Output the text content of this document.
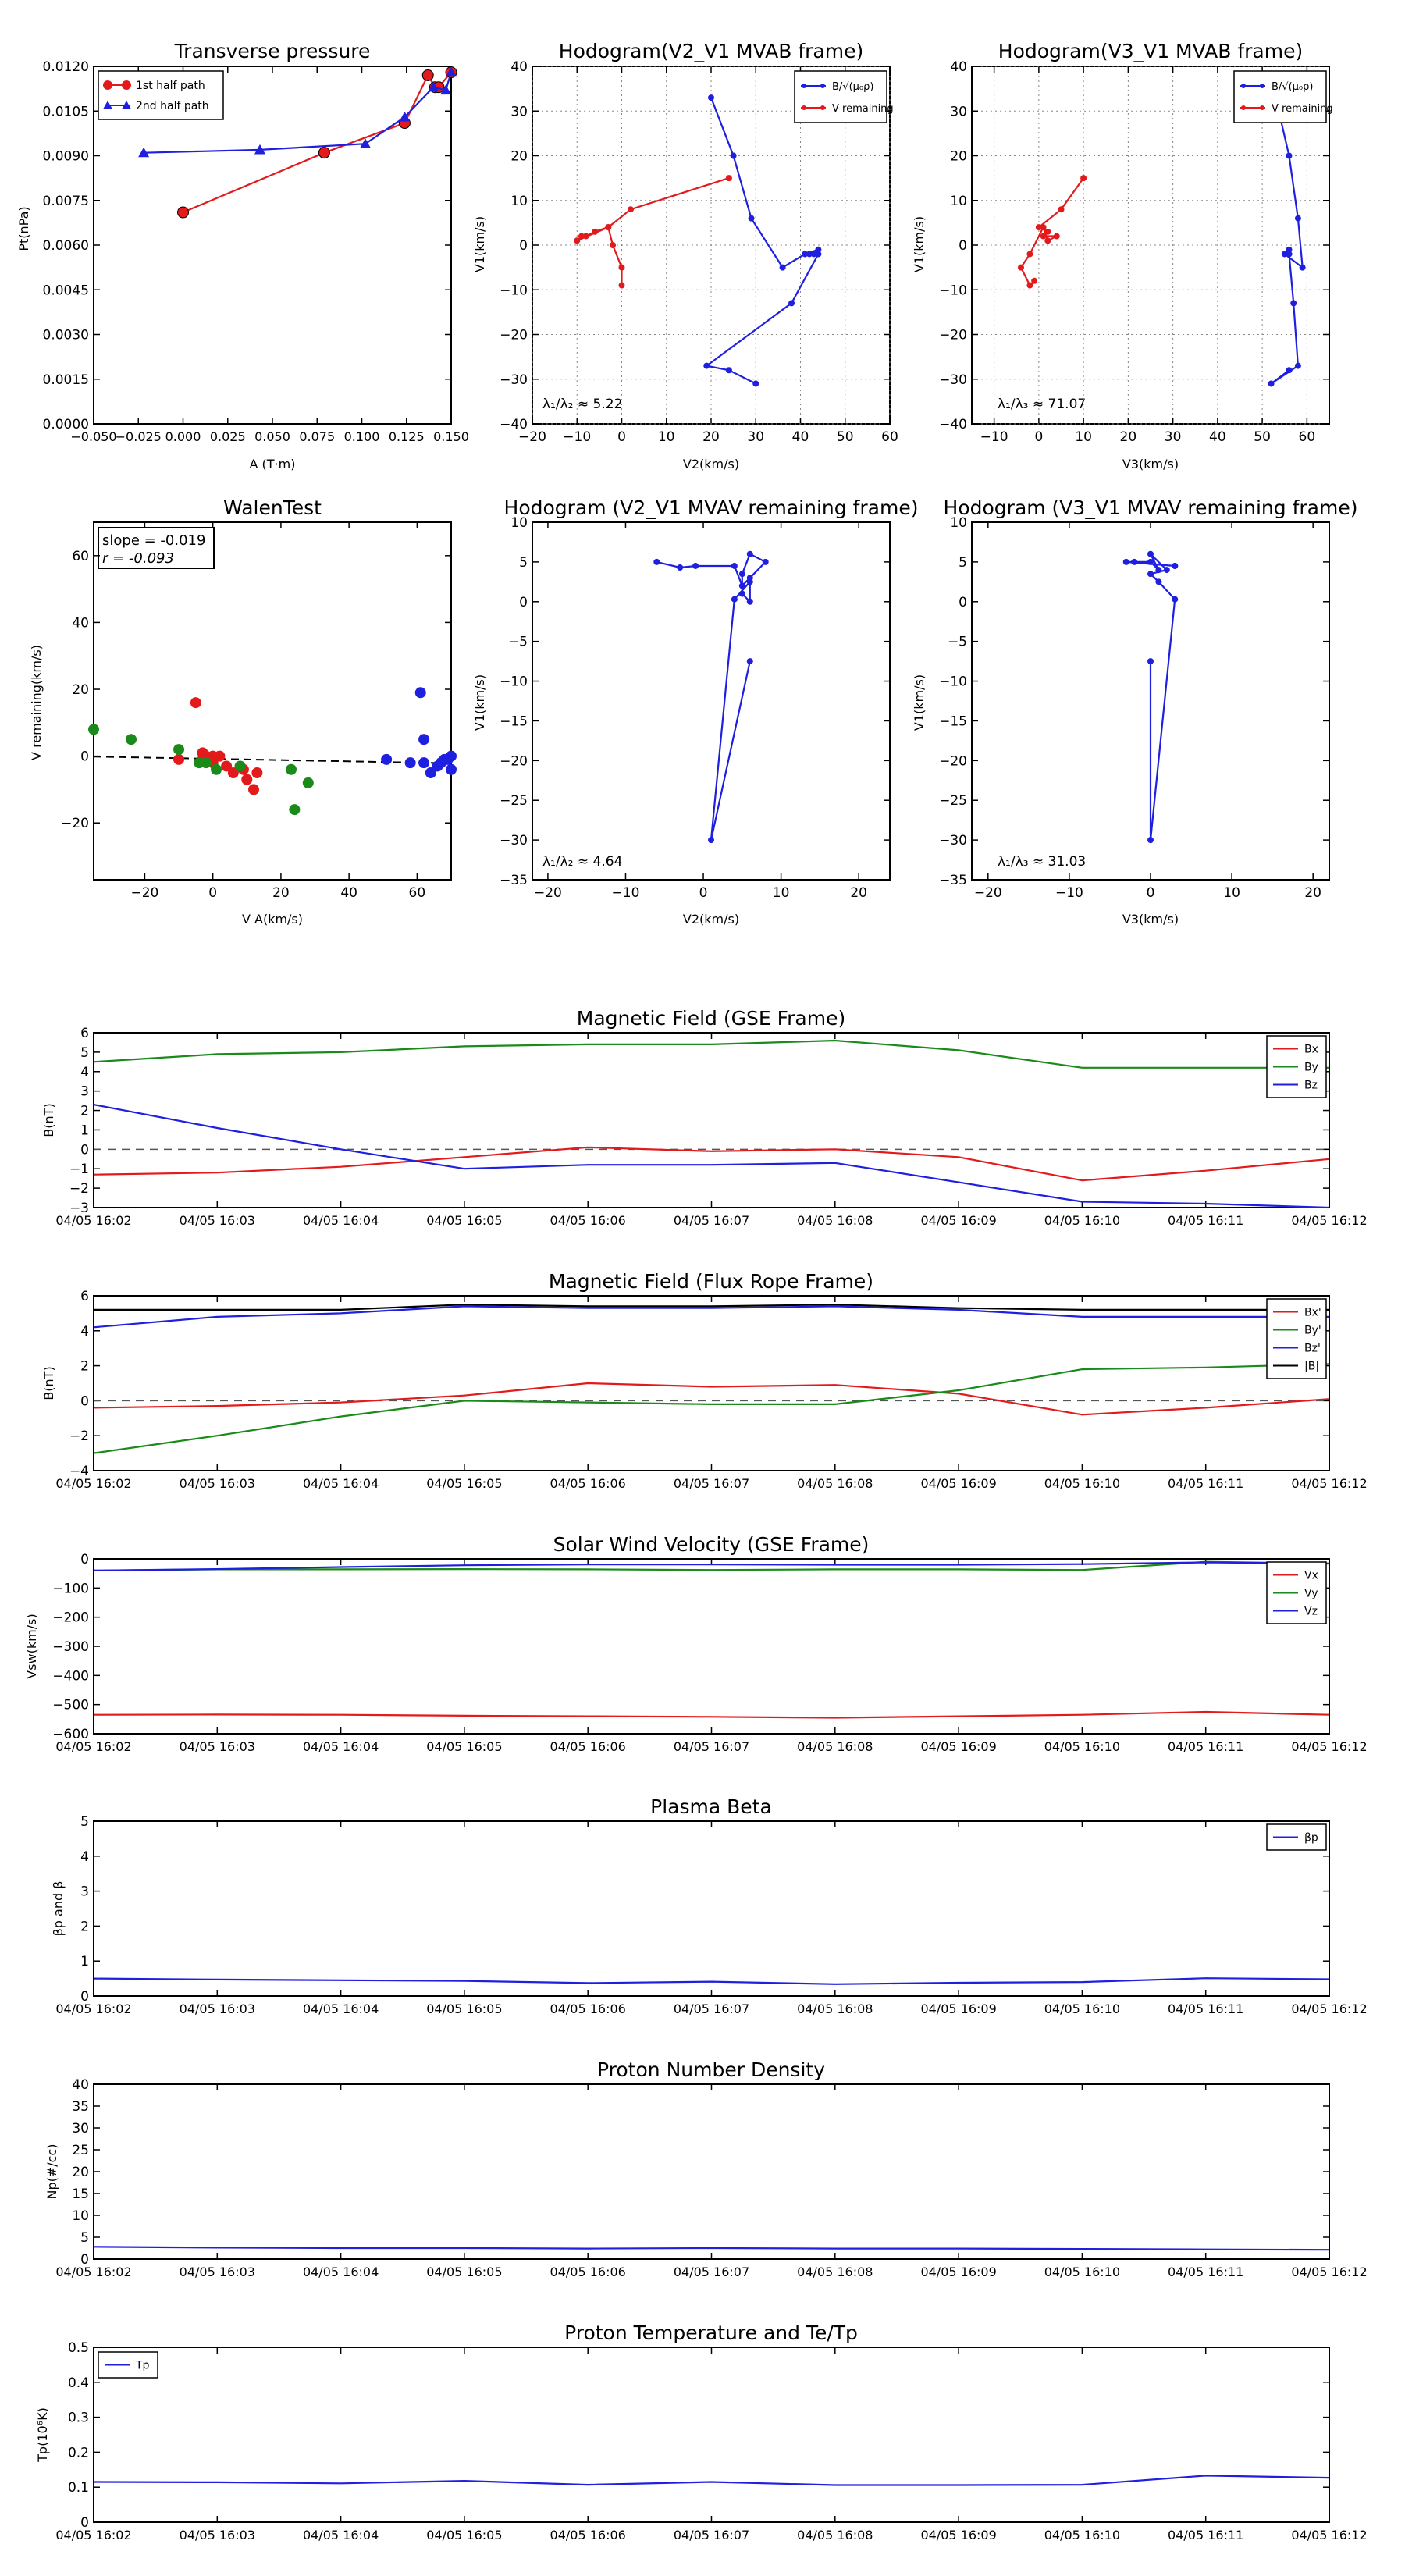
Transverse pressure
A (T·m)
Pt(nPa)
−0.050
−0.025 0.000 0.025 0.050 0.075 0.100 0.125 0.150
0.0000
0.0015
0.0030
0.0045
0.0060
0.0075
0.0090
0.0105
0.0120
1st half path
2nd half path
Hodogram(V2_V1 MVAB frame)
V2(km/s)
V1(km/s)
λ₁/λ₂ ≈ 5.22
−20 −10 0 10 20 30 40 50 60
−40
−30
−20
−10
0
10
20
30
40
B/√(μ₀ρ)
V remaining
Hodogram(V3_V1 MVAB frame)
V3(km/s)
V1(km/s)
λ₁/λ₃ ≈ 71.07
−10 0 10 20 30 40 50 60
−40
−30
−20
−10
0
10
20
30
40
B/√(μ₀ρ)
V remaining
WalenTest
V A(km/s)
V remaining(km/s)
slope = -0.019
r = -0.093
−20	0	20	40	60
−20
0
20
40
60
Hodogram (V2_V1 MVAV remaining frame)
V2(km/s)
V1(km/s)
λ₁/λ₂ ≈ 4.64
−20	−10	0	10	20
−35
−30
−25
−20
−15
−10
−5
0
5
10
Hodogram (V3_V1 MVAV remaining frame)
V3(km/s)
V1(km/s)
λ₁/λ₃ ≈ 31.03
−20	−10	0	10	20
−35
−30
−25
−20
−15
−10
−5
0
5
10
Magnetic Field (GSE Frame)
B(nT)
04/05 16:02	04/05 16:03	04/05 16:04	04/05 16:05	04/05 16:06	04/05 16:07	04/05 16:08	04/05 16:09	04/05 16:10	04/05 16:11	04/05 16:12
−3
−2
−1
0
1
2
3
4
5
6
Bx
By
Bz
Magnetic Field (Flux Rope Frame)
B(nT)
04/05 16:02	04/05 16:03	04/05 16:04	04/05 16:05	04/05 16:06	04/05 16:07	04/05 16:08	04/05 16:09	04/05 16:10	04/05 16:11	04/05 16:12
−4
−2
0
2
4
6
Bx'
By'
Bz'
|B|
Solar Wind Velocity (GSE Frame)
Vsw(km/s)
04/05 16:02	04/05 16:03	04/05 16:04	04/05 16:05	04/05 16:06	04/05 16:07	04/05 16:08	04/05 16:09	04/05 16:10	04/05 16:11	04/05 16:12
−600
−500
−400
−300
−200
−100
0
Vx
Vy
Vz
Plasma Beta
βp and β
04/05 16:02	04/05 16:03	04/05 16:04	04/05 16:05	04/05 16:06	04/05 16:07	04/05 16:08	04/05 16:09	04/05 16:10	04/05 16:11	04/05 16:12
0
1
2
3
4
5
βp
Proton Number Density
Np(#/cc)
04/05 16:02	04/05 16:03	04/05 16:04	04/05 16:05	04/05 16:06	04/05 16:07	04/05 16:08	04/05 16:09	04/05 16:10	04/05 16:11	04/05 16:12
0
5
10
15
20
25
30
35
40
Proton Temperature and Te/Tp
Tp(10⁶K)
04/05 16:02	04/05 16:03	04/05 16:04	04/05 16:05	04/05 16:06	04/05 16:07	04/05 16:08	04/05 16:09	04/05 16:10	04/05 16:11	04/05 16:12
0
0.1
0.2
0.3
0.4
0.5
Tp
